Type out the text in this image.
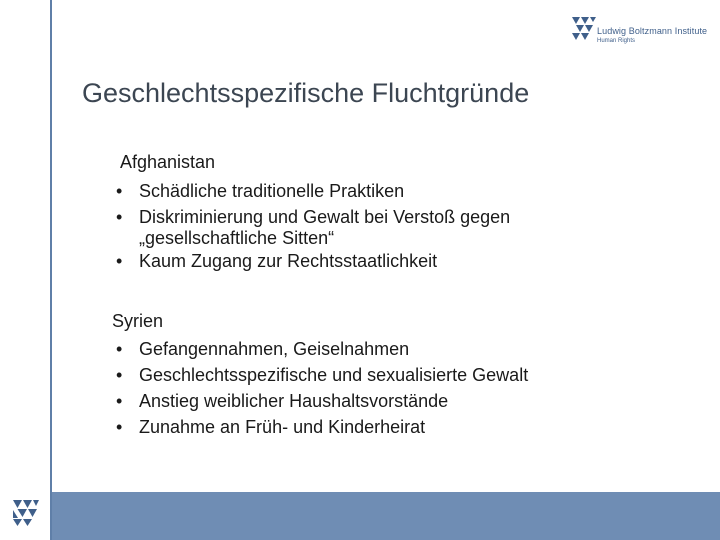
Ludwig Boltzmann Institute
Human Rights
Geschlechtsspezifische Fluchtgründe
Afghanistan
• Schädliche traditionelle Praktiken
• Diskriminierung und Gewalt bei Verstoß gegen
„gesellschaftliche Sitten“
• Kaum Zugang zur Rechtsstaatlichkeit
Syrien
• Gefangennahmen, Geiselnahmen
• Geschlechtsspezifische und sexualisierte Gewalt
• Anstieg weiblicher Haushaltsvorstände
• Zunahme an Früh- und Kinderheirat
